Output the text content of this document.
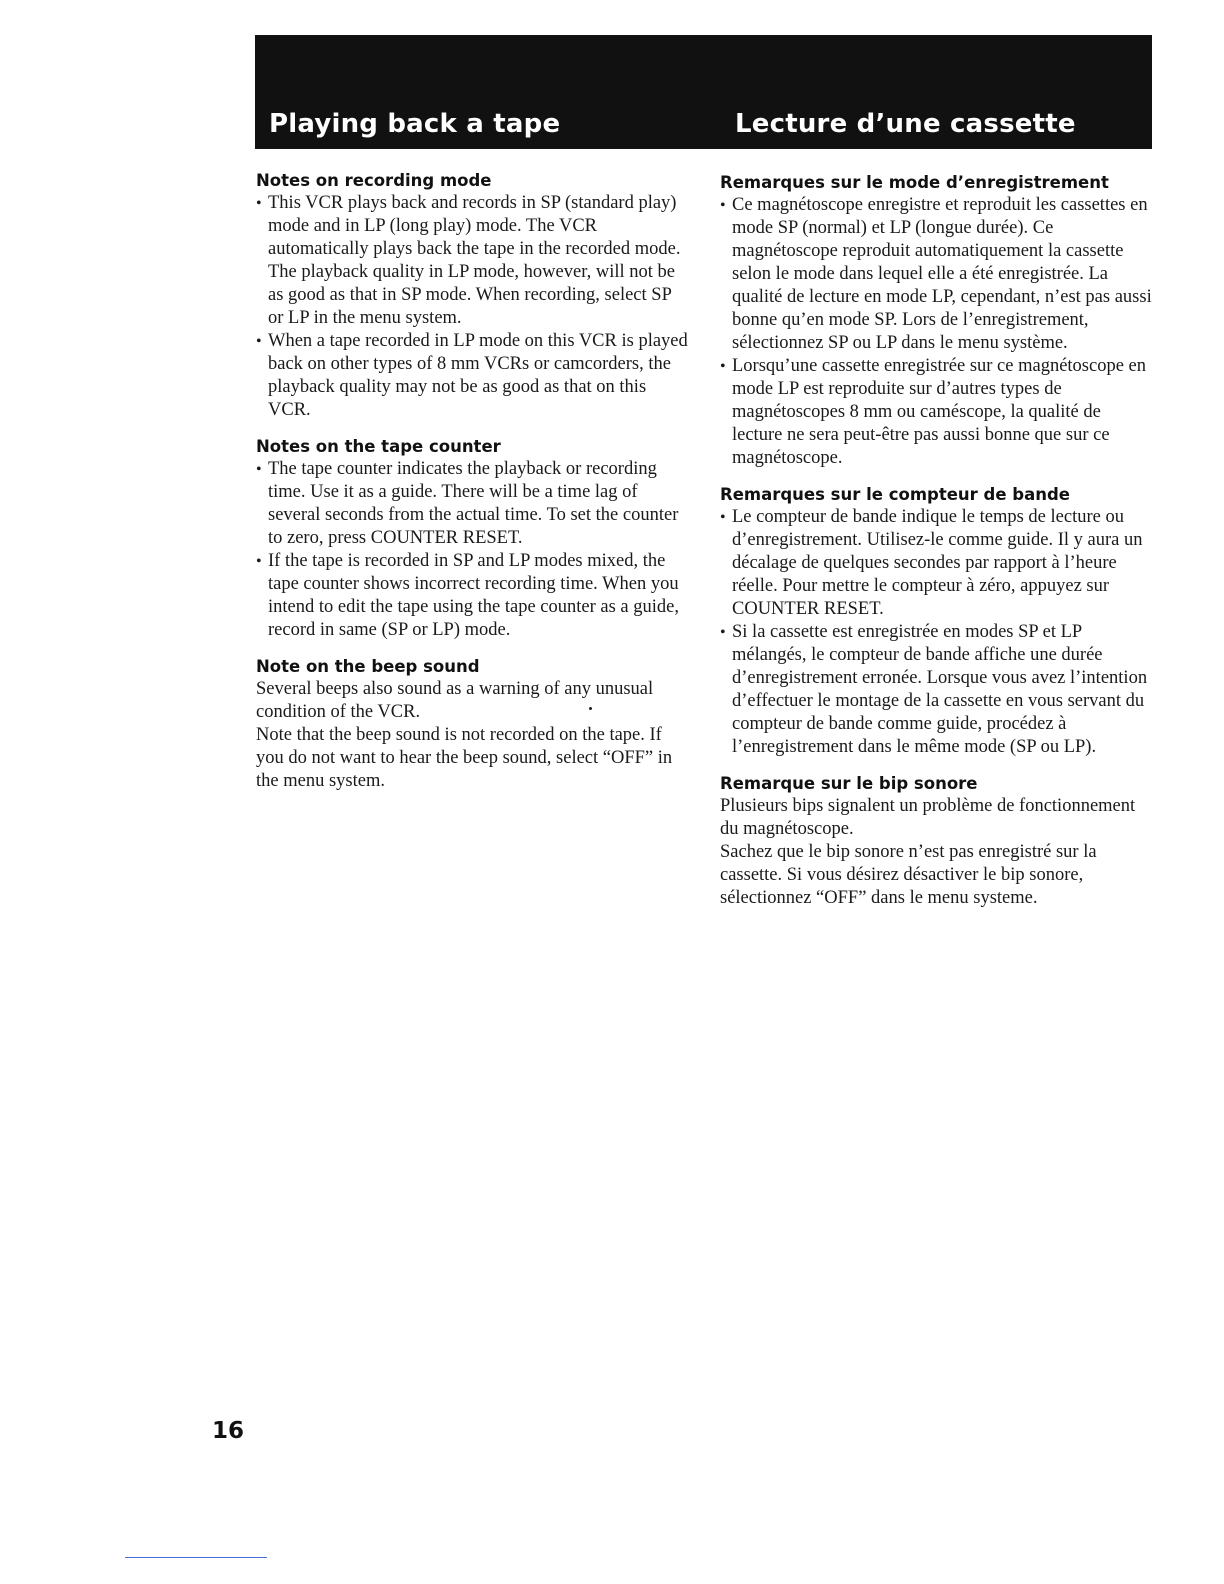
Playing back a tape	Lecture d’une cassette
Notes on recording mode
• This VCR plays back and records in SP (standard play) mode and in LP (long play) mode. The VCR automatically plays back the tape in the recorded mode. The playback quality in LP mode, however, will not be as good as that in SP mode. When recording, select SP or LP in the menu system.
• When a tape recorded in LP mode on this VCR is played back on other types of 8 mm VCRs or camcorders, the playback quality may not be as good as that on this VCR.
Notes on the tape counter
• The tape counter indicates the playback or recording time. Use it as a guide. There will be a time lag of several seconds from the actual time. To set the counter to zero, press COUNTER RESET.
• If the tape is recorded in SP and LP modes mixed, the tape counter shows incorrect recording time. When you intend to edit the tape using the tape counter as a guide, record in same (SP or LP) mode.
Note on the beep sound

Several beeps also sound as a warning of any unusual condition of the VCR.

Note that the beep sound is not recorded on the tape. If you do not want to hear the beep sound, select “OFF” in the menu system.

Remarques sur le mode d’enregistrement
• Ce magnétoscope enregistre et reproduit les cassettes en mode SP (normal) et LP (longue durée). Ce magnétoscope reproduit automatiquement la cassette selon le mode dans lequel elle a été enregistrée. La qualité de lecture en mode LP, cependant, n’est pas aussi bonne qu’en mode SP. Lors de l’enregistrement, sélectionnez SP ou LP dans le menu système.
• Lorsqu’une cassette enregistrée sur ce magnétoscope en mode LP est reproduite sur d’autres types de magnétoscopes 8 mm ou caméscope, la qualité de lecture ne sera peut-être pas aussi bonne que sur ce magnétoscope.
Remarques sur le compteur de bande
• Le compteur de bande indique le temps de lecture ou d’enregistrement. Utilisez-le comme guide. Il y aura un décalage de quelques secondes par rapport à l’heure réelle. Pour mettre le compteur à zéro, appuyez sur COUNTER RESET.
• Si la cassette est enregistrée en modes SP et LP mélangés, le compteur de bande affiche une durée d’enregistrement erronée. Lorsque vous avez l’intention d’effectuer le montage de la cassette en vous servant du compteur de bande comme guide, procédez à l’enregistrement dans le même mode (SP ou LP).
Remarque sur le bip sonore

Plusieurs bips signalent un problème de fonctionnement du magnétoscope.

Sachez que le bip sonore n’est pas enregistré sur la cassette. Si vous désirez désactiver le bip sonore, sélectionnez “OFF” dans le menu systeme.

16
